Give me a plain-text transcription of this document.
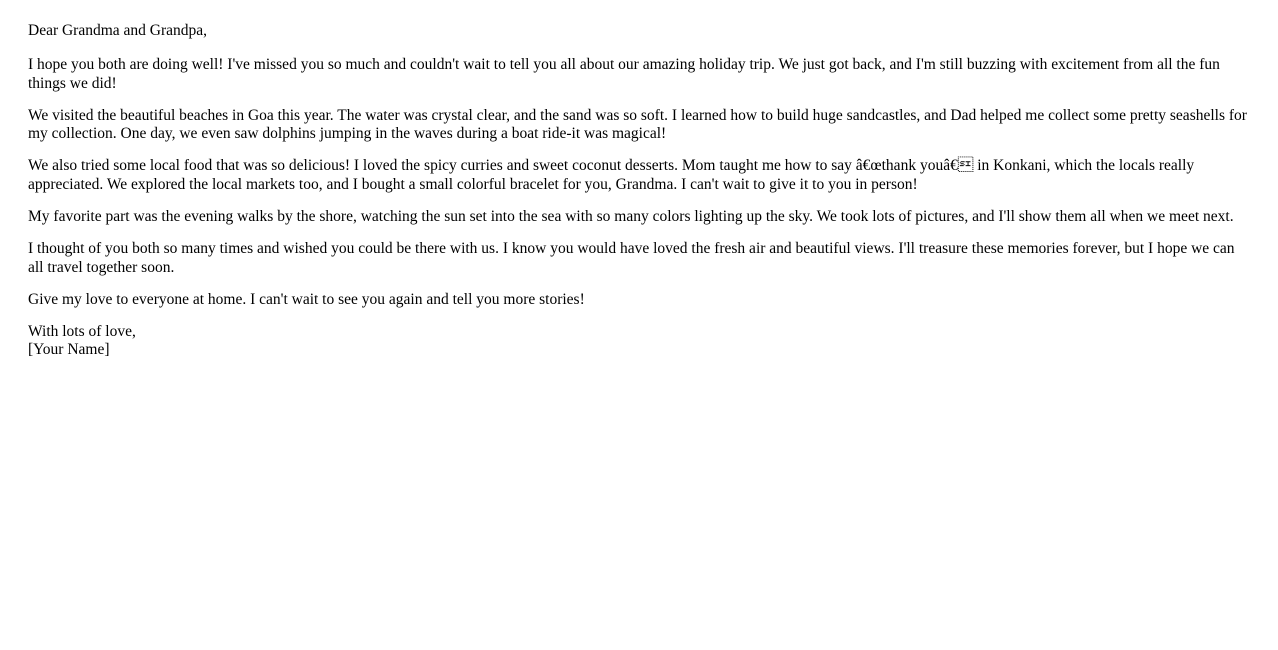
Dear Grandma and Grandpa,

I hope you both are doing well! I've missed you so much and couldn't wait to tell you all about our amazing holiday trip. We just got back, and I'm still buzzing with excitement from all the fun things we did!

We visited the beautiful beaches in Goa this year. The water was crystal clear, and the sand was so soft. I learned how to build huge sandcastles, and Dad helped me collect some pretty seashells for my collection. One day, we even saw dolphins jumping in the waves during a boat ride-it was magical!

We also tried some local food that was so delicious! I loved the spicy curries and sweet coconut desserts. Mom taught me how to say â€œthank youâ€ in Konkani, which the locals really appreciated. We explored the local markets too, and I bought a small colorful bracelet for you, Grandma. I can't wait to give it to you in person!

My favorite part was the evening walks by the shore, watching the sun set into the sea with so many colors lighting up the sky. We took lots of pictures, and I'll show them all when we meet next.

I thought of you both so many times and wished you could be there with us. I know you would have loved the fresh air and beautiful views. I'll treasure these memories forever, but I hope we can all travel together soon.

Give my love to everyone at home. I can't wait to see you again and tell you more stories!

With lots of love,
[Your Name]
